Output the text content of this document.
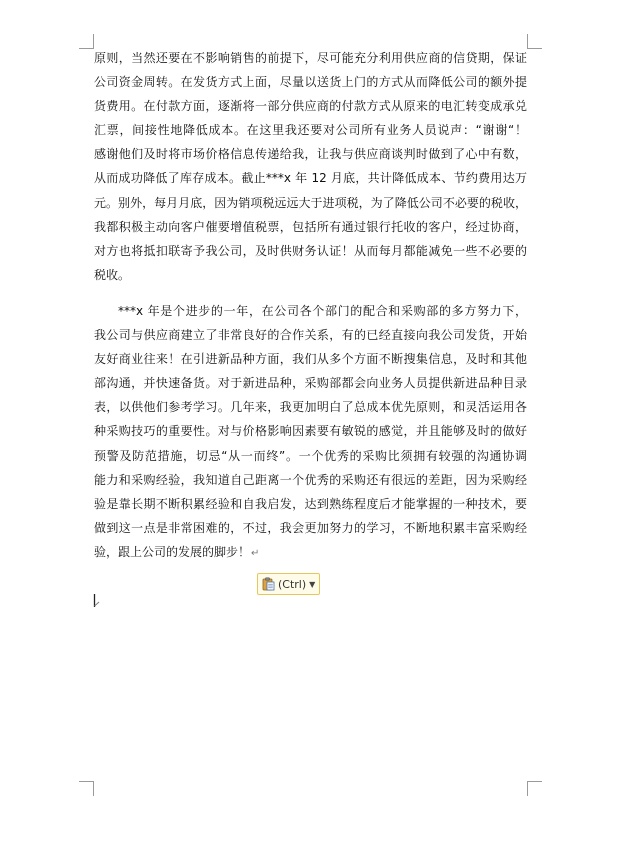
原则，当然还要在不影响销售的前提下，尽可能充分利用供应商的信贷期，保证
公司资金周转。在发货方式上面，尽量以送货上门的方式从而降低公司的额外提
货费用。在付款方面，逐渐将一部分供应商的付款方式从原来的电汇转变成承兑
汇票，间接性地降低成本。在这里我还要对公司所有业务人员说声：“谢谢“！
感谢他们及时将市场价格信息传递给我，让我与供应商谈判时做到了心中有数，
从而成功降低了库存成本。截止***x 年 12 月底，共计降低成本、节约费用达万
元。别外，每月月底，因为销项税远远大于进项税，为了降低公司不必要的税收，
我都积极主动向客户催要增值税票，包括所有通过银行托收的客户，经过协商，
对方也将抵扣联寄予我公司，及时供财务认证！从而每月都能减免一些不必要的
税收。

***x 年是个进步的一年，在公司各个部门的配合和采购部的多方努力下，
我公司与供应商建立了非常良好的合作关系，有的已经直接向我公司发货，开始
友好商业往来！在引进新品种方面，我们从多个方面不断搜集信息，及时和其他
部沟通，并快速备货。对于新进品种，采购部都会向业务人员提供新进品种目录
表，以供他们参考学习。几年来，我更加明白了总成本优先原则，和灵活运用各
种采购技巧的重要性。对与价格影响因素要有敏锐的感觉，并且能够及时的做好
预警及防范措施，切忌“从一而终”。一个优秀的采购比须拥有较强的沟通协调
能力和采购经验，我知道自己距离一个优秀的采购还有很远的差距，因为采购经
验是靠长期不断积累经验和自我启发，达到熟练程度后才能掌握的一种技术，要
做到这一点是非常困难的，不过，我会更加努力的学习，不断地积累丰富采购经
验，跟上公司的发展的脚步！↵

(Ctrl) ▼
